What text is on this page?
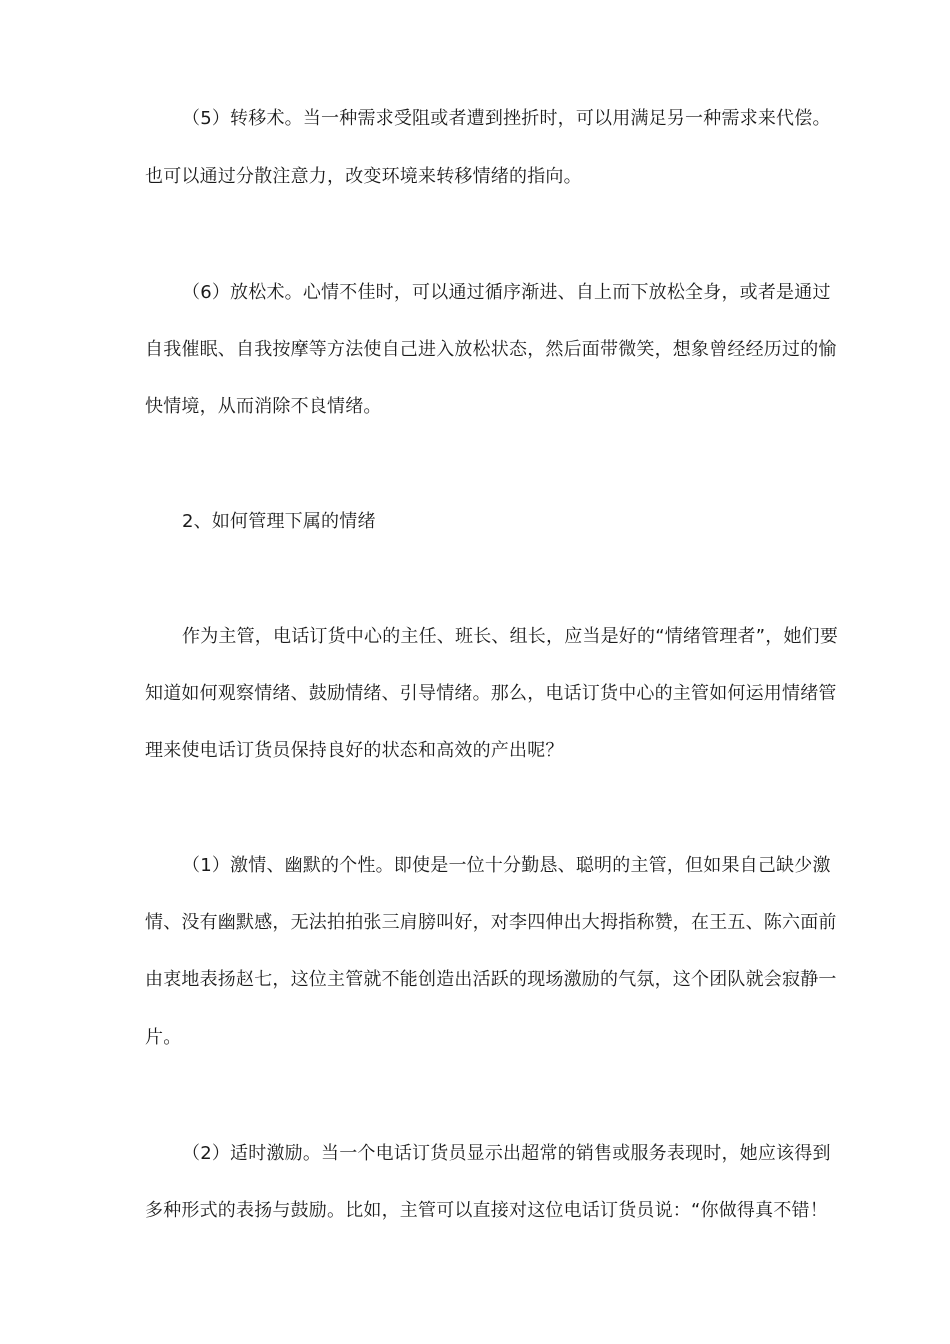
（5）转移术。当一种需求受阻或者遭到挫折时，可以用满足另一种需求来代偿。
也可以通过分散注意力，改变环境来转移情绪的指向。
（6）放松术。心情不佳时，可以通过循序渐进、自上而下放松全身，或者是通过
自我催眠、自我按摩等方法使自己进入放松状态，然后面带微笑，想象曾经经历过的愉
快情境，从而消除不良情绪。
2、如何管理下属的情绪
作为主管，电话订货中心的主任、班长、组长，应当是好的“情绪管理者”，她们要
知道如何观察情绪、鼓励情绪、引导情绪。那么，电话订货中心的主管如何运用情绪管
理来使电话订货员保持良好的状态和高效的产出呢？
（1）激情、幽默的个性。即使是一位十分勤恳、聪明的主管，但如果自己缺少激
情、没有幽默感，无法拍拍张三肩膀叫好，对李四伸出大拇指称赞，在王五、陈六面前
由衷地表扬赵七，这位主管就不能创造出活跃的现场激励的气氛，这个团队就会寂静一
片。
（2）适时激励。当一个电话订货员显示出超常的销售或服务表现时，她应该得到
多种形式的表扬与鼓励。比如，主管可以直接对这位电话订货员说：“你做得真不错！
